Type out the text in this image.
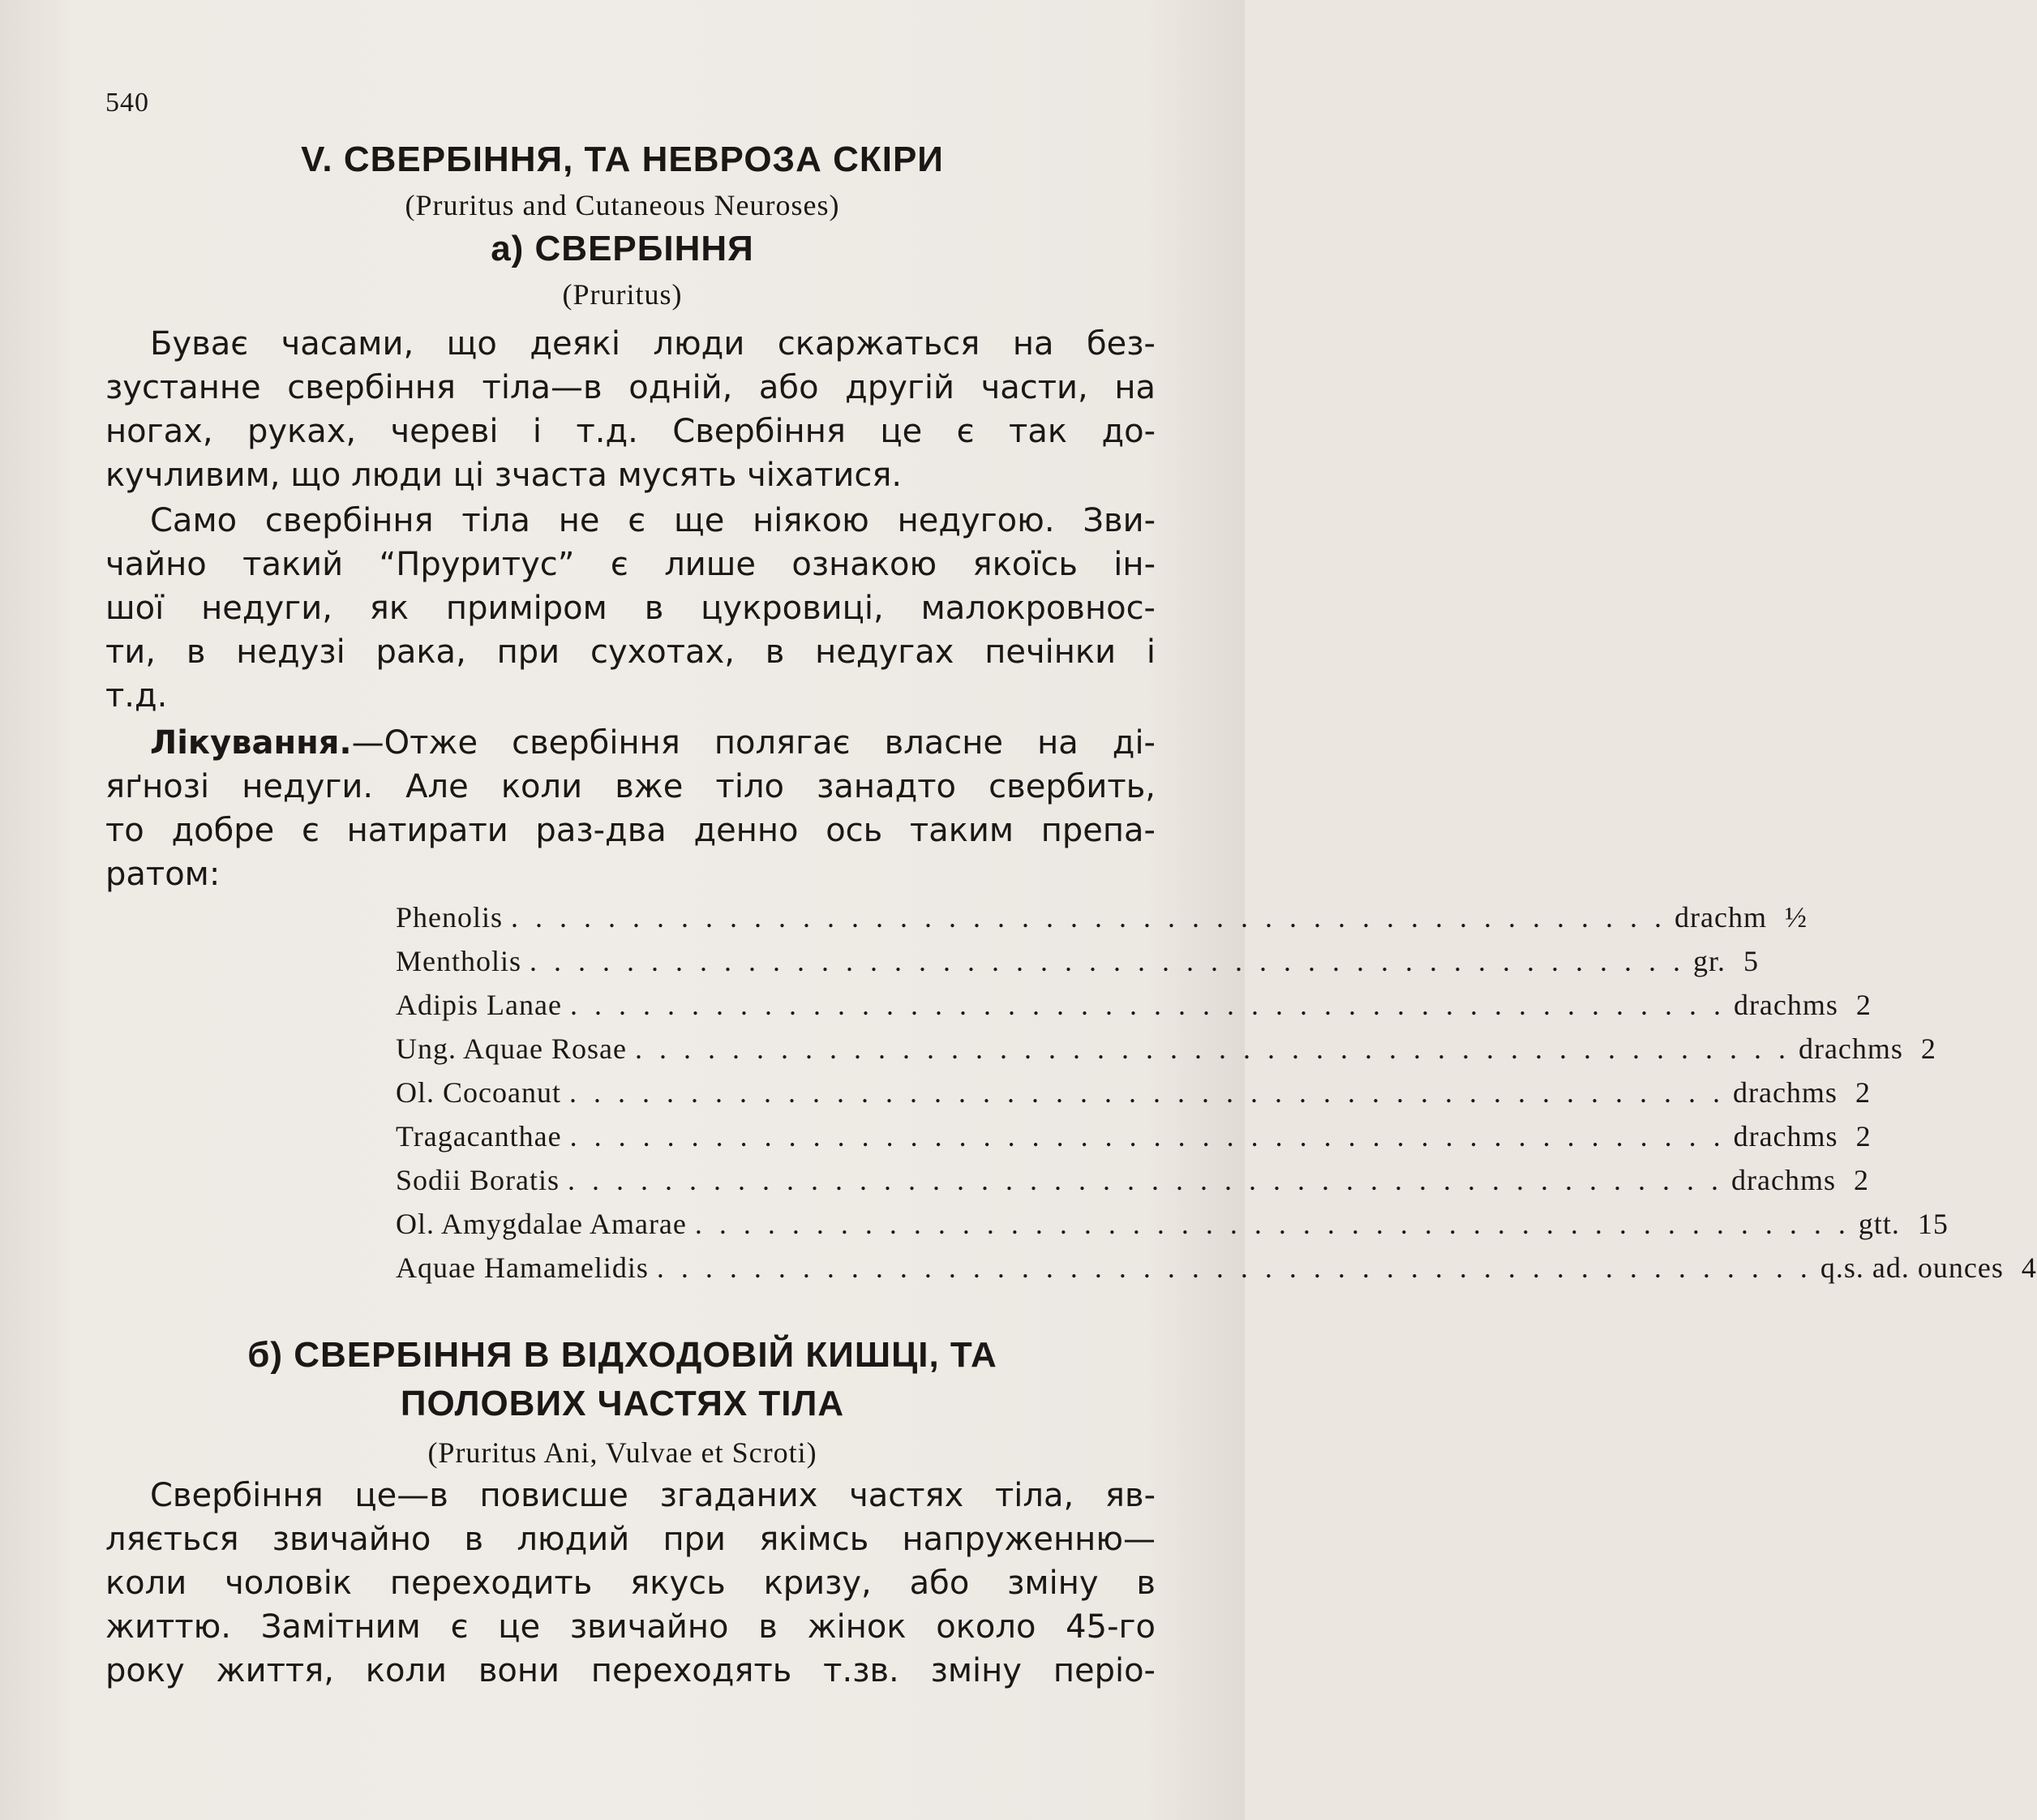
540
V. СВЕРБІННЯ, ТА НЕВРОЗА СКІРИ
(Pruritus and Cutaneous Neuroses)
а) СВЕРБІННЯ
(Pruritus)
Буває часами, що деякі люди скаржаться на без-
зустанне свербіння тіла—в одній, або другій части, на
ногах, руках, череві і т.д. Свербіння це є так до-
кучливим, що люди ці зчаста мусять чіхатися.
Само свербіння тіла не є ще ніякою недугою. Зви-
чайно такий “Пруритус” є лише ознакою якоїсь ін-
шої недуги, як приміром в цукровиці, малокровнос-
ти, в недузі рака, при сухотах, в недугах печінки і
т.д.
Лікування.—Отже свербіння полягає власне на ді-
яґнозі недуги. Але коли вже тіло занадто свербить,
то добре є натирати раз-два денно ось таким препа-
ратом:
Phenolis . . . . . . . . . . . . . . . . . . . . . . . . . . . . . . . . . . . . . . . . . . . . . . . . drachm ½
Mentholis . . . . . . . . . . . . . . . . . . . . . . . . . . . . . . . . . . . . . . . . . . . . . . . . gr. 5
Adipis Lanae . . . . . . . . . . . . . . . . . . . . . . . . . . . . . . . . . . . . . . . . . . . . . . . . drachms 2
Ung. Aquae Rosae . . . . . . . . . . . . . . . . . . . . . . . . . . . . . . . . . . . . . . . . . . . . . . . . drachms 2
Ol. Cocoanut . . . . . . . . . . . . . . . . . . . . . . . . . . . . . . . . . . . . . . . . . . . . . . . . drachms 2
Tragacanthae . . . . . . . . . . . . . . . . . . . . . . . . . . . . . . . . . . . . . . . . . . . . . . . . drachms 2
Sodii Boratis . . . . . . . . . . . . . . . . . . . . . . . . . . . . . . . . . . . . . . . . . . . . . . . . drachms 2
Ol. Amygdalae Amarae . . . . . . . . . . . . . . . . . . . . . . . . . . . . . . . . . . . . . . . . . . . . . . . . gtt. 15
Aquae Hamamelidis . . . . . . . . . . . . . . . . . . . . . . . . . . . . . . . . . . . . . . . . . . . . . . . . q.s. ad. ounces 4
б) СВЕРБІННЯ В ВІДХОДОВІЙ КИШЦІ, ТА
ПОЛОВИХ ЧАСТЯХ ТІЛА
(Pruritus Ani, Vulvae et Scroti)
Свербіння це—в повисше згаданих частях тіла, яв-
ляється звичайно в людий при якімсь напруженню—
коли чоловік переходить якусь кризу, або зміну в
життю. Замітним є це звичайно в жінок около 45-го
року життя, коли вони переходять т.зв. зміну періо-
